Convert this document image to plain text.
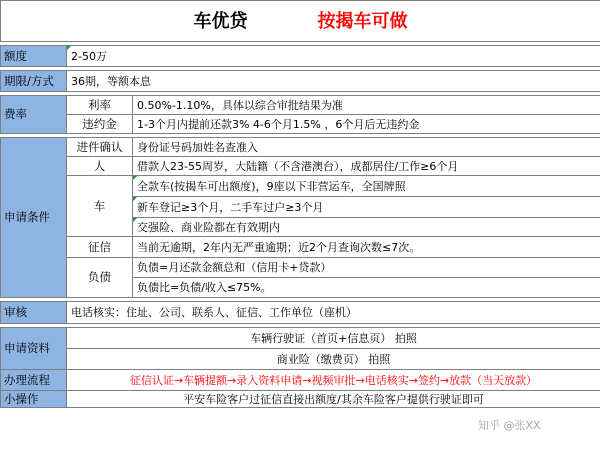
车优贷 按揭车可做		

额度	2-50万	

期限/方式	36期，等额本息	

费率	利率	0.50%-1.10%，具体以综合审批结果为准
	违约金	1-3个月内提前还款3% 4-6个月1.5% ，6个月后无违约金

申请条件	进件确认	身份证号码加姓名查准入
	人	借款人23-55周岁，大陆籍（不含港澳台），成都居住/工作≥6个月
	车	全款车(按揭车可出额度)，9座以下非营运车，全国牌照
		新车登记≥3个月，二手车过户≥3个月
		交强险、商业险都在有效期内
	征信	当前无逾期，2年内无严重逾期；近2个月查询次数≤7次。
	负债	负债=月还款金额总和（信用卡+贷款）
		负债比=负债/收入≤75%。

审核	电话核实：住址、公司、联系人、征信、工作单位（座机）	

申请资料	车辆行驶证（首页+信息页） 拍照	
	商业险（缴费页） 拍照	
办理流程	征信认证→车辆提额→录入资料申请→视频审批→电话核实→签约→放款（当天放款）	
小操作	平安车险客户过征信直接出额度/其余车险客户提供行驶证即可	
知乎 @张XX
